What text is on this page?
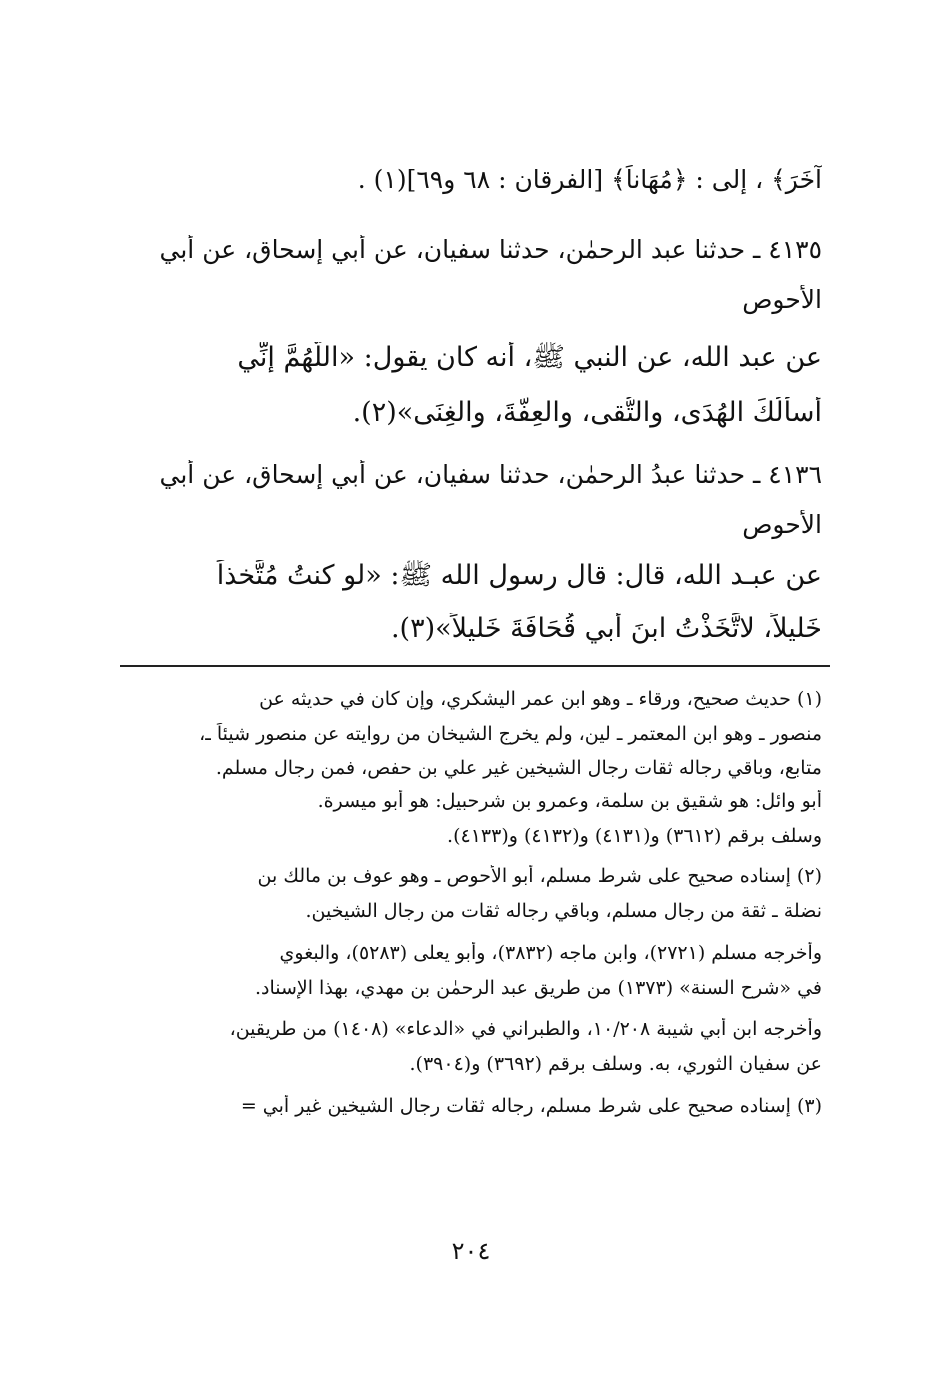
آخَرَ﴾ ، إلى : ﴿مُهَاناً﴾ [الفرقان : ٦٨ و٦٩](١) .
٤١٣٥ ـ حدثنا عبد الرحمٰن، حدثنا سفيان، عن أبي إسحاق، عن أبي
الأحوص
عن عبد الله، عن النبي ﷺ، أنه كان يقول: «اللَّهُمَّ إنِّي
أسأَلُكَ الهُدَى، والتُّقى، والعِفَّةَ، والغِنَى»(٢).
٤١٣٦ ـ حدثنا عبدُ الرحمٰن، حدثنا سفيان، عن أبي إسحاق، عن أبي
الأحوص
عن عبـد الله، قال: قال رسول الله ﷺ: «لو كنتُ مُتَّخذاً
خَليلاً، لاتَّخَذْتُ ابنَ أبي قُحَافَةَ خَليلاً»(٣).
(١) حديث صحيح، ورقاء ـ وهو ابن عمر اليشكري، وإن كان في حديثه عن
منصور ـ وهو ابن المعتمر ـ لين، ولم يخرج الشيخان من روايته عن منصور شيئاً ـ،
متابع، وباقي رجاله ثقات رجال الشيخين غير علي بن حفص، فمن رجال مسلم.
أبو وائل: هو شقيق بن سلمة، وعمرو بن شرحبيل: هو أبو ميسرة.
وسلف برقم (٣٦١٢) و(٤١٣١) و(٤١٣٢) و(٤١٣٣).
(٢) إسناده صحيح على شرط مسلم، أبو الأحوص ـ وهو عوف بن مالك بن
نضلة ـ ثقة من رجال مسلم، وباقي رجاله ثقات من رجال الشيخين.
وأخرجه مسلم (٢٧٢١)، وابن ماجه (٣٨٣٢)، وأبو يعلى (٥٢٨٣)، والبغوي
في «شرح السنة» (١٣٧٣) من طريق عبد الرحمٰن بن مهدي، بهذا الإسناد.
وأخرجه ابن أبي شيبة ١٠/٢٠٨، والطبراني في «الدعاء» (١٤٠٨) من طريقين،
عن سفيان الثوري، به. وسلف برقم (٣٦٩٢) و(٣٩٠٤).
(٣) إسناده صحيح على شرط مسلم، رجاله ثقات رجال الشيخين غير أبي =
٢٠٤
